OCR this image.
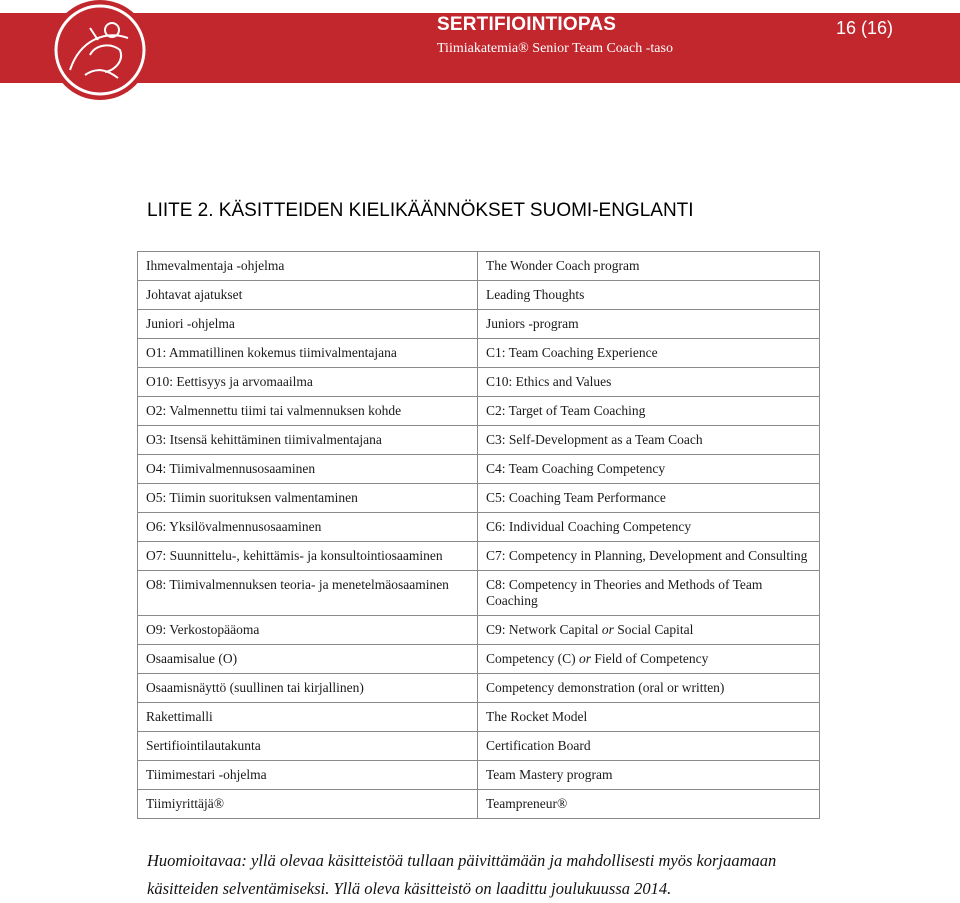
SERTIFIOINTIOPAS
Tiimiakatemia® Senior Team Coach -taso
16 (16)
LIITE 2. KÄSITTEIDEN KIELIKÄÄNNÖKSET SUOMI-ENGLANTI
Ihmevalmentaja -ohjelma	The Wonder Coach program
Johtavat ajatukset	Leading Thoughts
Juniori -ohjelma	Juniors -program
O1: Ammatillinen kokemus tiimivalmentajana	C1: Team Coaching Experience
O10: Eettisyys ja arvomaailma	C10: Ethics and Values
O2: Valmennettu tiimi tai valmennuksen kohde	C2: Target of Team Coaching
O3: Itsensä kehittäminen tiimivalmentajana	C3: Self-Development as a Team Coach
O4: Tiimivalmennusosaaminen	C4: Team Coaching Competency
O5: Tiimin suorituksen valmentaminen	C5: Coaching Team Performance
O6: Yksilövalmennusosaaminen	C6: Individual Coaching Competency
O7: Suunnittelu-, kehittämis- ja konsultointiosaaminen	C7: Competency in Planning, Development and Consulting
O8: Tiimivalmennuksen teoria- ja menetelmäosaaminen	C8: Competency in Theories and Methods of Team Coaching
O9: Verkostopääoma	C9: Network Capital or Social Capital
Osaamisalue (O)	Competency (C) or Field of Competency
Osaamisnäyttö (suullinen tai kirjallinen)	Competency demonstration (oral or written)
Rakettimalli	The Rocket Model
Sertifiointilautakunta	Certification Board
Tiimimestari -ohjelma	Team Mastery program
Tiimiyrittäjä®	Teampreneur®
Huomioitavaa: yllä olevaa käsitteistöä tullaan päivittämään ja mahdollisesti myös korjaamaan käsitteiden selventämiseksi. Yllä oleva käsitteistö on laadittu joulukuussa 2014.
